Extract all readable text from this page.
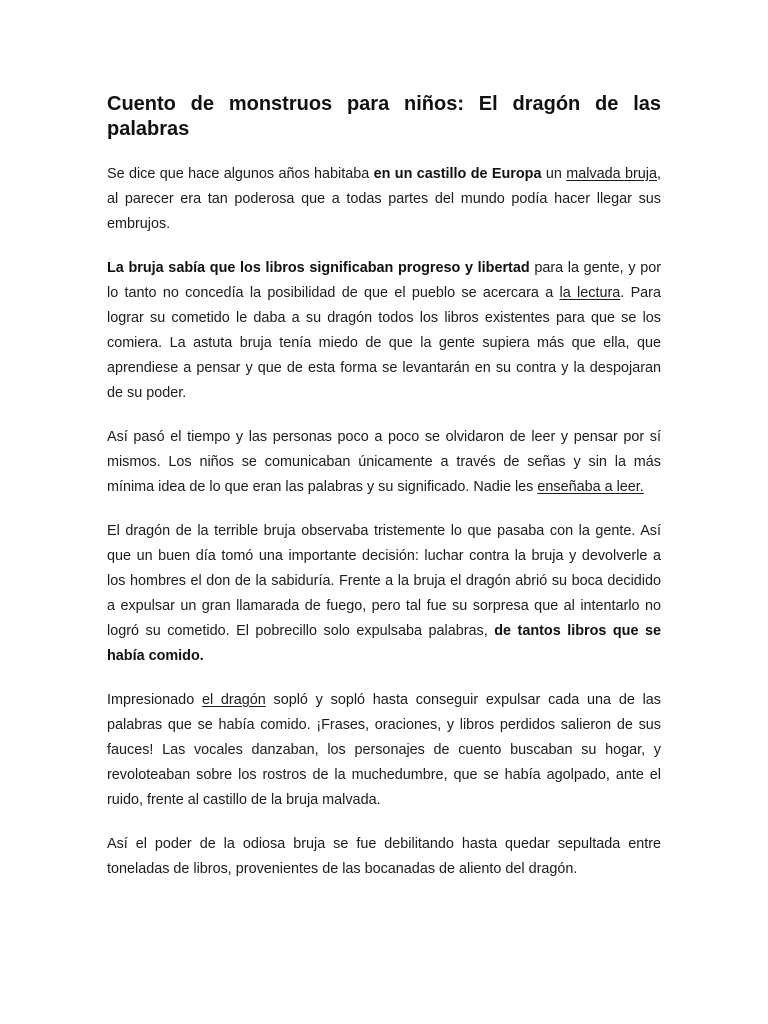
Cuento de monstruos para niños: El dragón de las palabras

Se dice que hace algunos años habitaba en un castillo de Europa un malvada bruja, al parecer era tan poderosa que a todas partes del mundo podía hacer llegar sus embrujos.

La bruja sabía que los libros significaban progreso y libertad para la gente, y por lo tanto no concedía la posibilidad de que el pueblo se acercara a la lectura. Para lograr su cometido le daba a su dragón todos los libros existentes para que se los comiera. La astuta bruja tenía miedo de que la gente supiera más que ella, que aprendiese a pensar y que de esta forma se levantarán en su contra y la despojaran de su poder.

Así pasó el tiempo y las personas poco a poco se olvidaron de leer y pensar por sí mismos. Los niños se comunicaban únicamente a través de señas y sin la más mínima idea de lo que eran las palabras y su significado. Nadie les enseñaba a leer.

El dragón de la terrible bruja observaba tristemente lo que pasaba con la gente. Así que un buen día tomó una importante decisión: luchar contra la bruja y devolverle a los hombres el don de la sabiduría. Frente a la bruja el dragón abrió su boca decidido a expulsar un gran llamarada de fuego, pero tal fue su sorpresa que al intentarlo no logró su cometido. El pobrecillo solo expulsaba palabras, de tantos libros que se había comido.

Impresionado el dragón sopló y sopló hasta conseguir expulsar cada una de las palabras que se había comido. ¡Frases, oraciones, y libros perdidos salieron de sus fauces! Las vocales danzaban, los personajes de cuento buscaban su hogar, y revoloteaban sobre los rostros de la muchedumbre, que se había agolpado, ante el ruido, frente al castillo de la bruja malvada.

Así el poder de la odiosa bruja se fue debilitando hasta quedar sepultada entre toneladas de libros, provenientes de las bocanadas de aliento del dragón.
